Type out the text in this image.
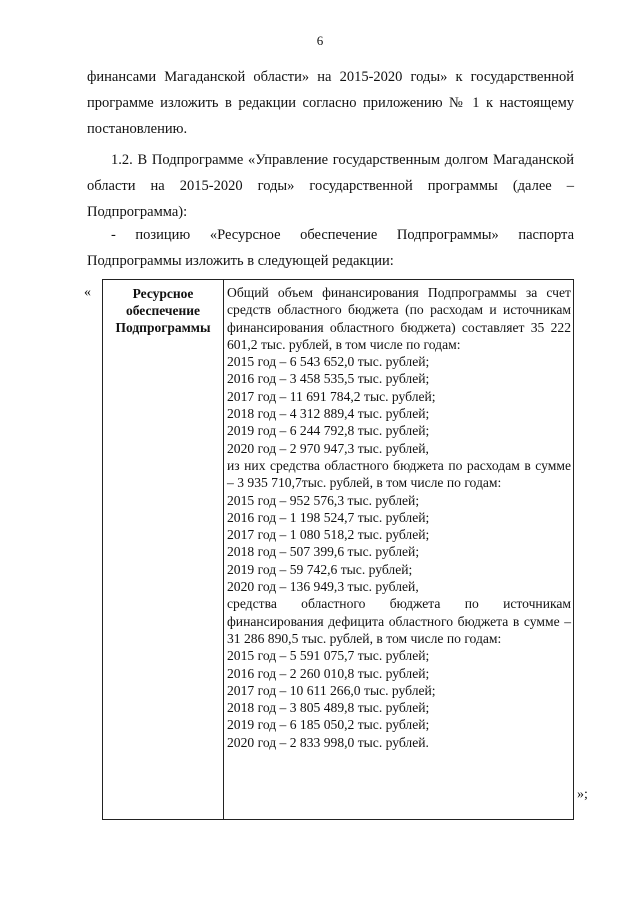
6

финансами Магаданской области» на 2015-2020 годы» к государственной программе изложить в редакции согласно приложению № 1 к настоящему постановлению.

1.2. В Подпрограмме «Управление государственным долгом Магаданской области на 2015-2020 годы» государственной программы (далее – Подпрограмма):

- позицию «Ресурсное обеспечение Подпрограммы» паспорта Подпрограммы изложить в следующей редакции:

«	Ресурсное
обеспечение
Подпрограммы
Общий объем финансирования Подпрограммы за счет средств областного бюджета (по расходам и источникам финансирования областного бюджета) составляет 35 222 601,2 тыс. рублей, в том числе по годам:
2015 год – 6 543 652,0 тыс. рублей;
2016 год – 3 458 535,5 тыс. рублей;
2017 год – 11 691 784,2 тыс. рублей;
2018 год – 4 312 889,4 тыс. рублей;
2019 год – 6 244 792,8 тыс. рублей;
2020 год – 2 970 947,3 тыс. рублей,
из них средства областного бюджета по расходам в сумме – 3 935 710,7тыс. рублей, в том числе по годам:
2015 год – 952 576,3 тыс. рублей;
2016 год – 1 198 524,7 тыс. рублей;
2017 год – 1 080 518,2 тыс. рублей;
2018 год – 507 399,6 тыс. рублей;
2019 год – 59 742,6 тыс. рублей;
2020 год – 136 949,3 тыс. рублей,
средства областного бюджета по источникам финансирования дефицита областного бюджета в сумме – 31 286 890,5 тыс. рублей, в том числе по годам:
2015 год – 5 591 075,7 тыс. рублей;
2016 год – 2 260 010,8 тыс. рублей;
2017 год – 10 611 266,0 тыс. рублей;
2018 год – 3 805 489,8 тыс. рублей;
2019 год – 6 185 050,2 тыс. рублей;
2020 год – 2 833 998,0 тыс. рублей.
»;
